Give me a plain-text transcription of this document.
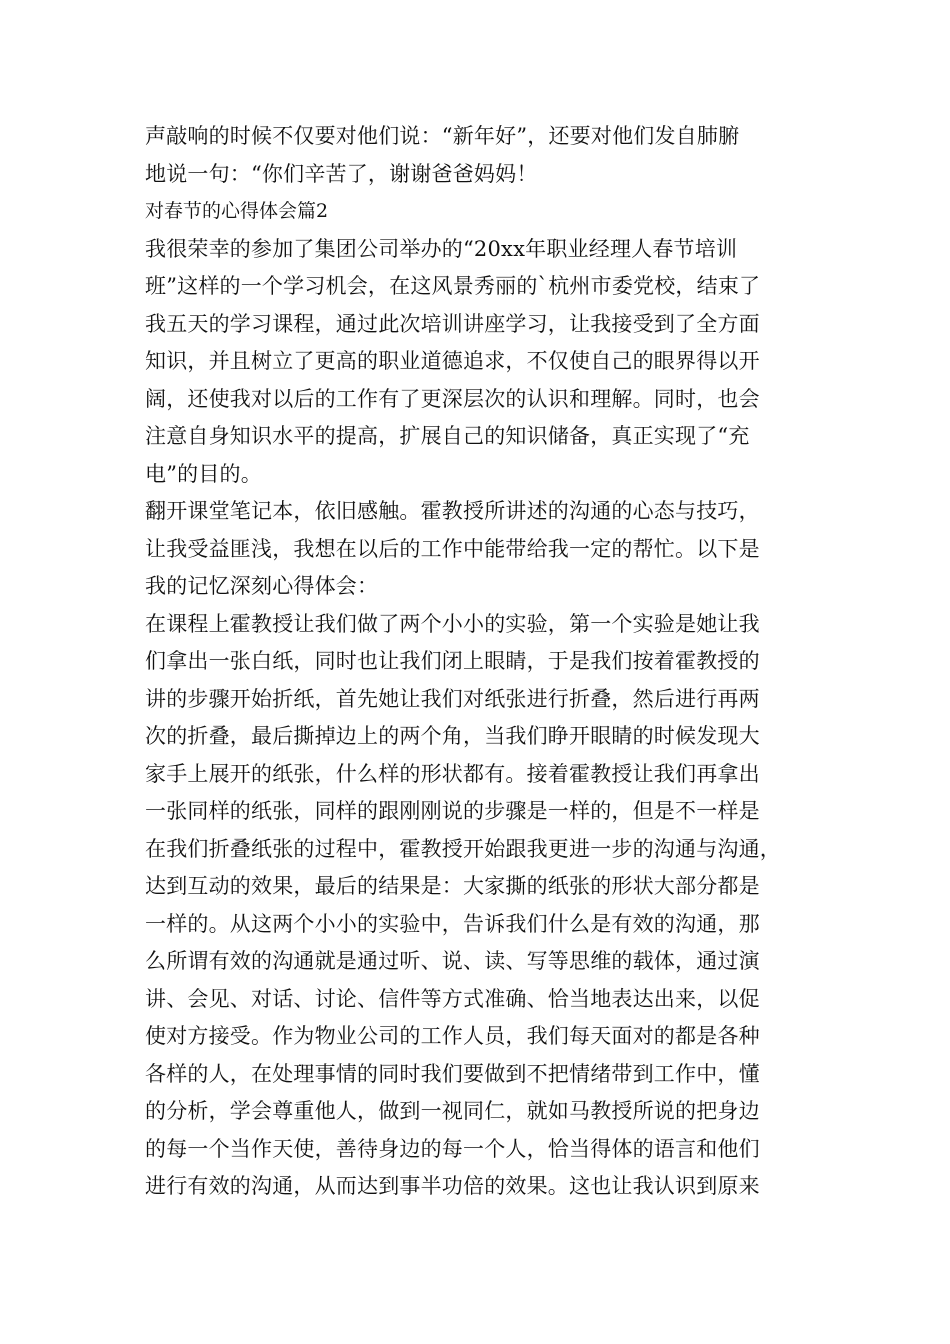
声敲响的时候不仅要对他们说：“新年好”，还要对他们发自肺腑
地说一句：“你们辛苦了，谢谢爸爸妈妈！
对春节的心得体会篇2
我很荣幸的参加了集团公司举办的“20xx年职业经理人春节培训
班”这样的一个学习机会，在这风景秀丽的`杭州市委党校，结束了
我五天的学习课程，通过此次培训讲座学习，让我接受到了全方面
知识，并且树立了更高的职业道德追求，不仅使自己的眼界得以开
阔，还使我对以后的工作有了更深层次的认识和理解。同时，也会
注意自身知识水平的提高，扩展自己的知识储备，真正实现了“充
电”的目的。
翻开课堂笔记本，依旧感触。霍教授所讲述的沟通的心态与技巧，
让我受益匪浅，我想在以后的工作中能带给我一定的帮忙。以下是
我的记忆深刻心得体会：
在课程上霍教授让我们做了两个小小的实验，第一个实验是她让我
们拿出一张白纸，同时也让我们闭上眼睛，于是我们按着霍教授的
讲的步骤开始折纸，首先她让我们对纸张进行折叠，然后进行再两
次的折叠，最后撕掉边上的两个角，当我们睁开眼睛的时候发现大
家手上展开的纸张，什么样的形状都有。接着霍教授让我们再拿出
一张同样的纸张，同样的跟刚刚说的步骤是一样的，但是不一样是
在我们折叠纸张的过程中，霍教授开始跟我更进一步的沟通与沟通，
达到互动的效果，最后的结果是：大家撕的纸张的形状大部分都是
一样的。从这两个小小的实验中，告诉我们什么是有效的沟通，那
么所谓有效的沟通就是通过听、说、读、写等思维的载体，通过演
讲、会见、对话、讨论、信件等方式准确、恰当地表达出来，以促
使对方接受。作为物业公司的工作人员，我们每天面对的都是各种
各样的人，在处理事情的同时我们要做到不把情绪带到工作中，懂
的分析，学会尊重他人，做到一视同仁，就如马教授所说的把身边
的每一个当作天使，善待身边的每一个人，恰当得体的语言和他们
进行有效的沟通，从而达到事半功倍的效果。这也让我认识到原来
